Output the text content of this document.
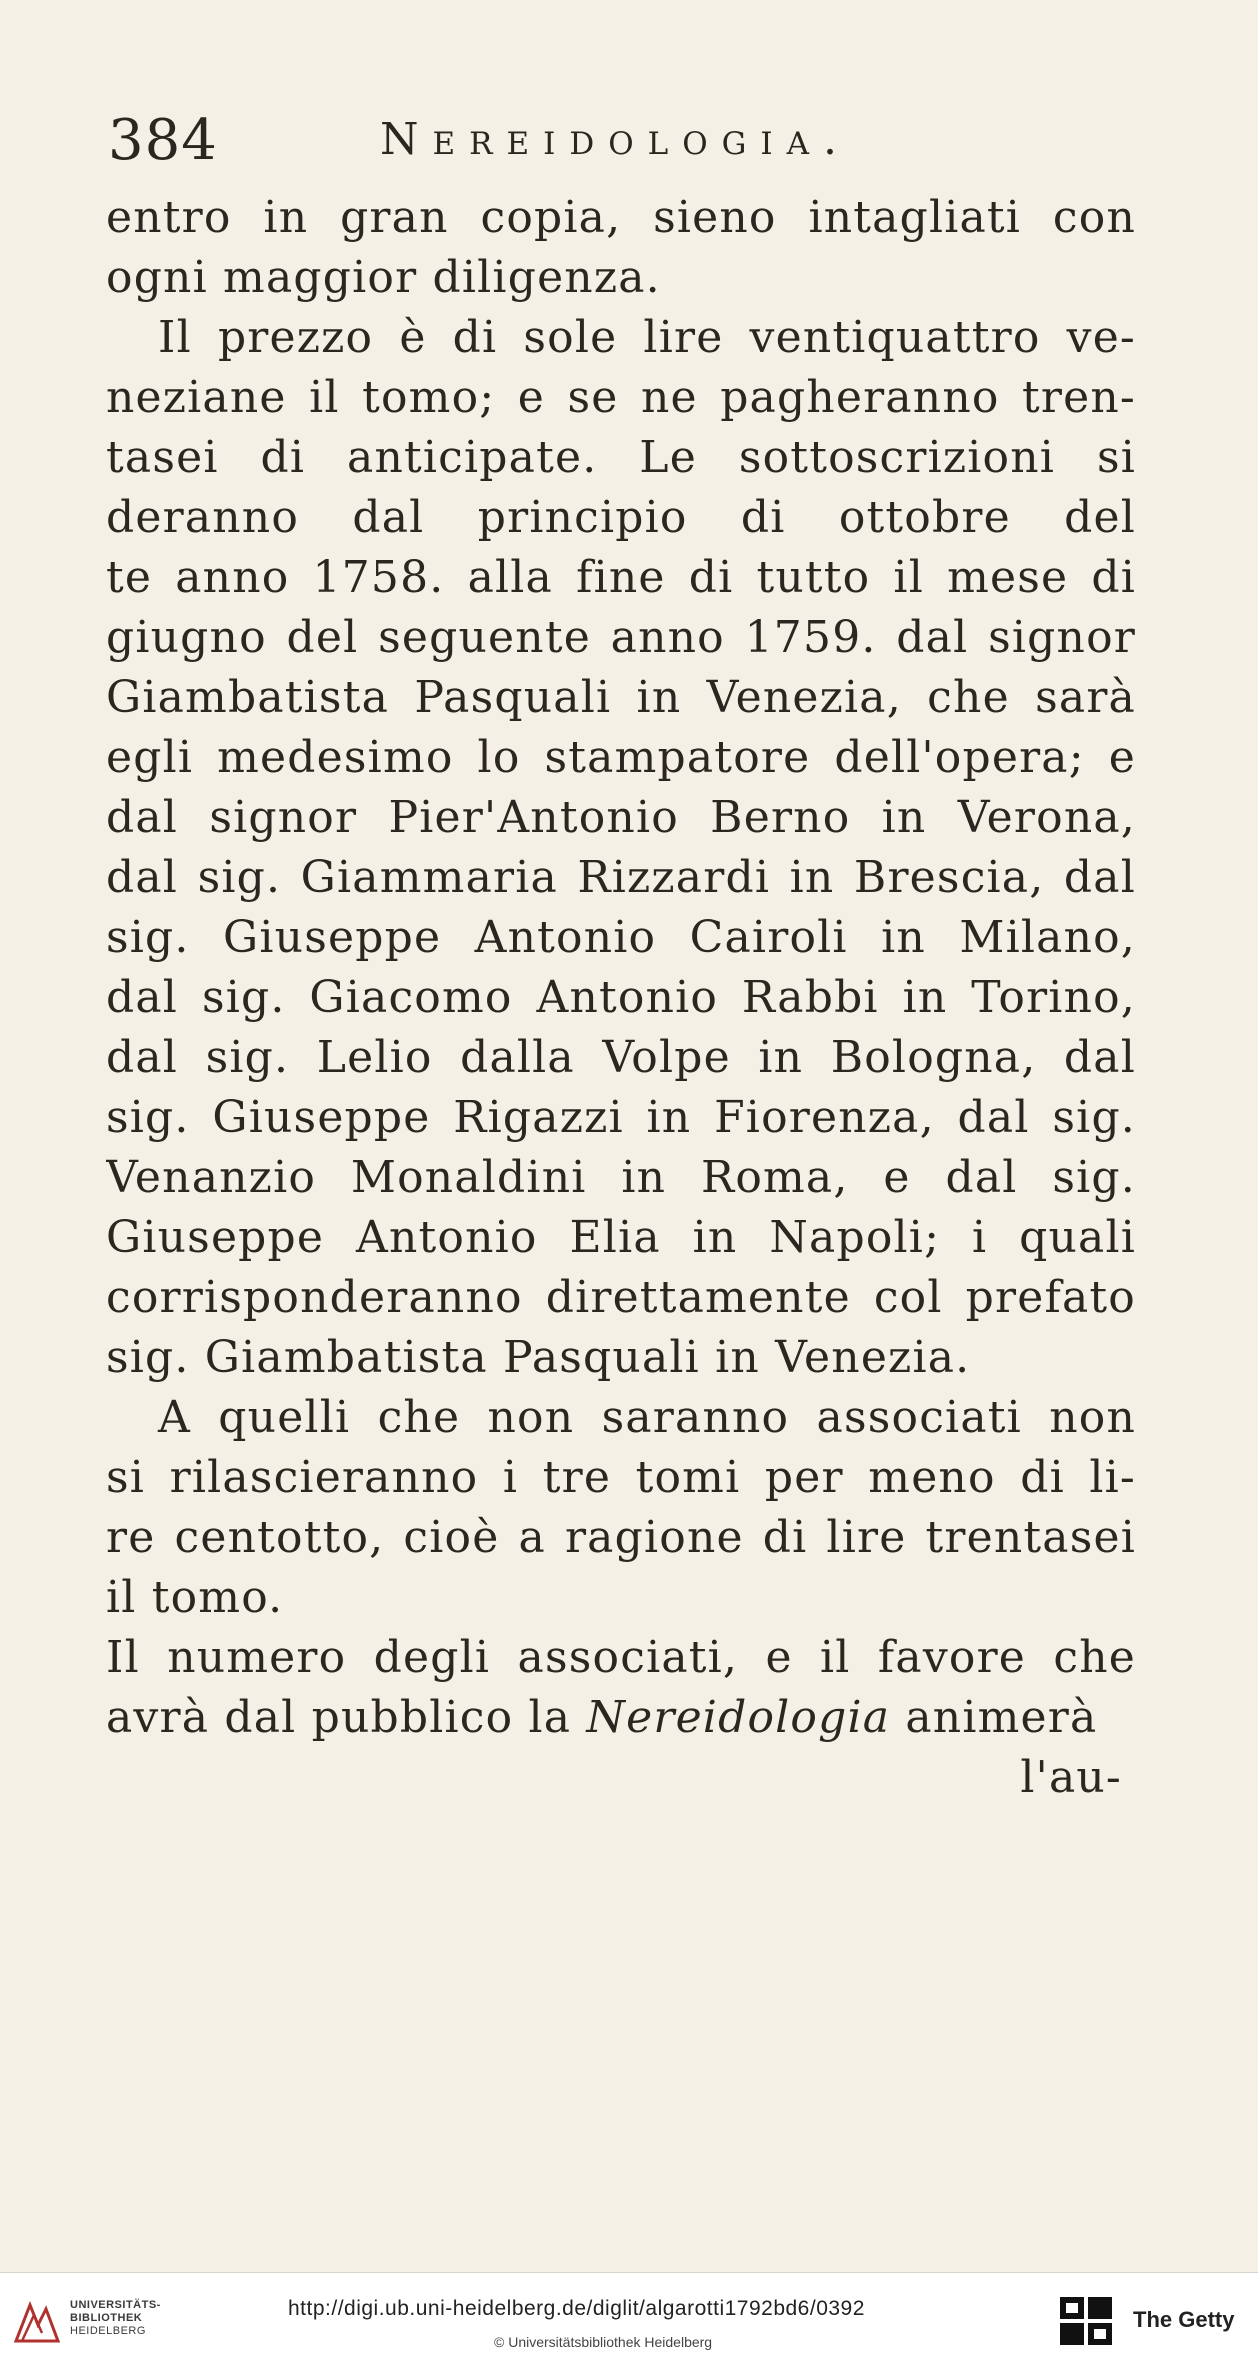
384	Nereidologia.
entro in gran copia, sieno intagliati con
ogni maggior diligenza.
Il prezzo è di sole lire ventiquattro ve-
neziane il tomo; e se ne pagheranno tren-
tasei di anticipate. Le sottoscrizioni si
deranno dal principio di ottobre del
te anno 1758. alla fine di tutto il mese di
giugno del seguente anno 1759. dal signor
Giambatista Pasquali in Venezia, che sarà
egli medesimo lo stampatore dell'opera; e
dal signor Pier'Antonio Berno in Verona,
dal sig. Giammaria Rizzardi in Brescia, dal
sig. Giuseppe Antonio Cairoli in Milano,
dal sig. Giacomo Antonio Rabbi in Torino,
dal sig. Lelio dalla Volpe in Bologna, dal
sig. Giuseppe Rigazzi in Fiorenza, dal sig.
Venanzio Monaldini in Roma, e dal sig.
Giuseppe Antonio Elia in Napoli; i quali
corrisponderanno direttamente col prefato
sig. Giambatista Pasquali in Venezia.
A quelli che non saranno associati non
si rilascieranno i tre tomi per meno di li-
re centotto, cioè a ragione di lire trentasei
il tomo.
Il numero degli associati, e il favore che
avrà dal pubblico la Nereidologia animerà
l'au-
UNIVERSITÄTS-
BIBLIOTHEK
HEIDELBERG
http://digi.ub.uni-heidelberg.de/diglit/algarotti1792bd6/0392
© Universitätsbibliothek Heidelberg
The Getty
